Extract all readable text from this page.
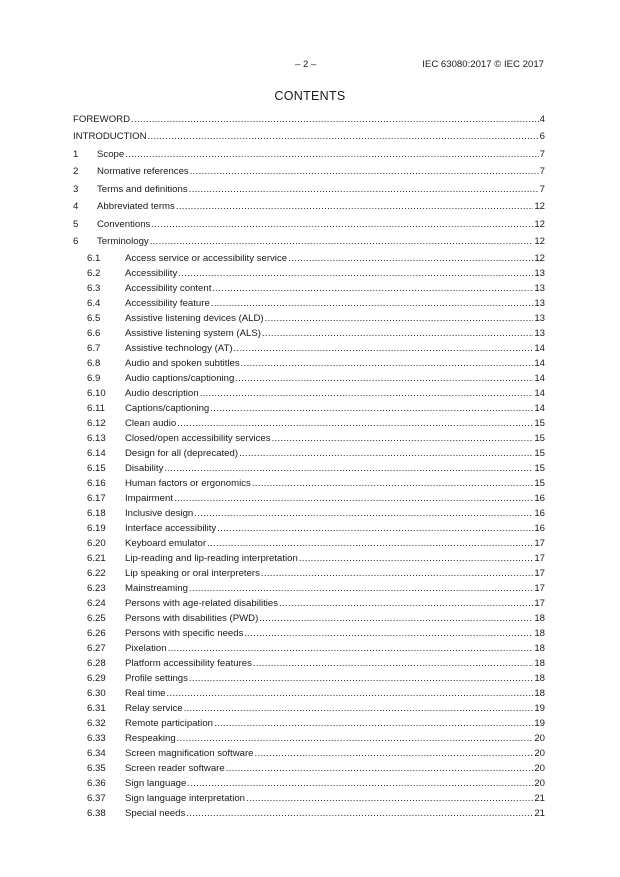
– 2 –	IEC 63080:2017 © IEC 2017
CONTENTS
FOREWORD .....	4
INTRODUCTION .....	6
1	Scope .....	7
2	Normative references .....	7
3	Terms and definitions .....	7
4	Abbreviated terms .....	12
5	Conventions .....	12
6	Terminology .....	12
6.1	Access service or accessibility service .....	12
6.2	Accessibility .....	13
6.3	Accessibility content .....	13
6.4	Accessibility feature .....	13
6.5	Assistive listening devices (ALD) .....	13
6.6	Assistive listening system (ALS) .....	13
6.7	Assistive technology (AT) .....	14
6.8	Audio and spoken subtitles .....	14
6.9	Audio captions/captioning .....	14
6.10	Audio description .....	14
6.11	Captions/captioning .....	14
6.12	Clean audio .....	15
6.13	Closed/open accessibility services .....	15
6.14	Design for all (deprecated) .....	15
6.15	Disability .....	15
6.16	Human factors or ergonomics .....	15
6.17	Impairment .....	16
6.18	Inclusive design .....	16
6.19	Interface accessibility .....	16
6.20	Keyboard emulator .....	17
6.21	Lip-reading and lip-reading interpretation .....	17
6.22	Lip speaking or oral interpreters .....	17
6.23	Mainstreaming .....	17
6.24	Persons with age-related disabilities .....	17
6.25	Persons with disabilities (PWD) .....	18
6.26	Persons with specific needs .....	18
6.27	Pixelation .....	18
6.28	Platform accessibility features .....	18
6.29	Profile settings .....	18
6.30	Real time .....	18
6.31	Relay service .....	19
6.32	Remote participation .....	19
6.33	Respeaking .....	20
6.34	Screen magnification software .....	20
6.35	Screen reader software .....	20
6.36	Sign language .....	20
6.37	Sign language interpretation .....	21
6.38	Special needs .....	21
